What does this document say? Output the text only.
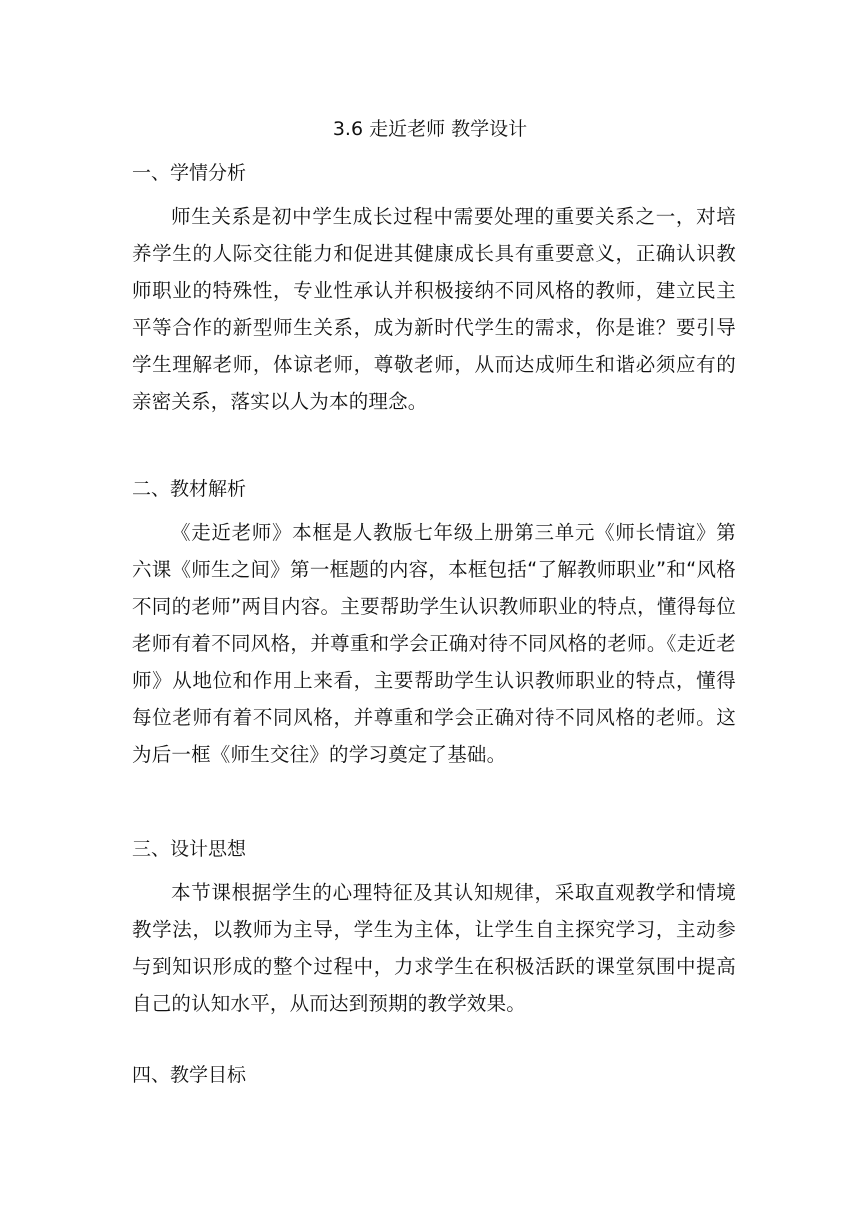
3.6 走近老师 教学设计
一、学情分析

师生关系是初中学生成长过程中需要处理的重要关系之一，对培养学生的人际交往能力和促进其健康成长具有重要意义，正确认识教师职业的特殊性，专业性承认并积极接纳不同风格的教师，建立民主平等合作的新型师生关系，成为新时代学生的需求，你是谁？要引导学生理解老师，体谅老师，尊敬老师，从而达成师生和谐必须应有的亲密关系，落实以人为本的理念。

二、教材解析

《走近老师》本框是人教版七年级上册第三单元《师长情谊》第六课《师生之间》第一框题的内容，本框包括“了解教师职业”和“风格不同的老师”两目内容。主要帮助学生认识教师职业的特点，懂得每位老师有着不同风格，并尊重和学会正确对待不同风格的老师。《走近老师》从地位和作用上来看，主要帮助学生认识教师职业的特点，懂得每位老师有着不同风格，并尊重和学会正确对待不同风格的老师。这为后一框《师生交往》的学习奠定了基础。

三、设计思想

本节课根据学生的心理特征及其认知规律，采取直观教学和情境教学法，以教师为主导，学生为主体，让学生自主探究学习，主动参与到知识形成的整个过程中，力求学生在积极活跃的课堂氛围中提高自己的认知水平，从而达到预期的教学效果。

四、教学目标
